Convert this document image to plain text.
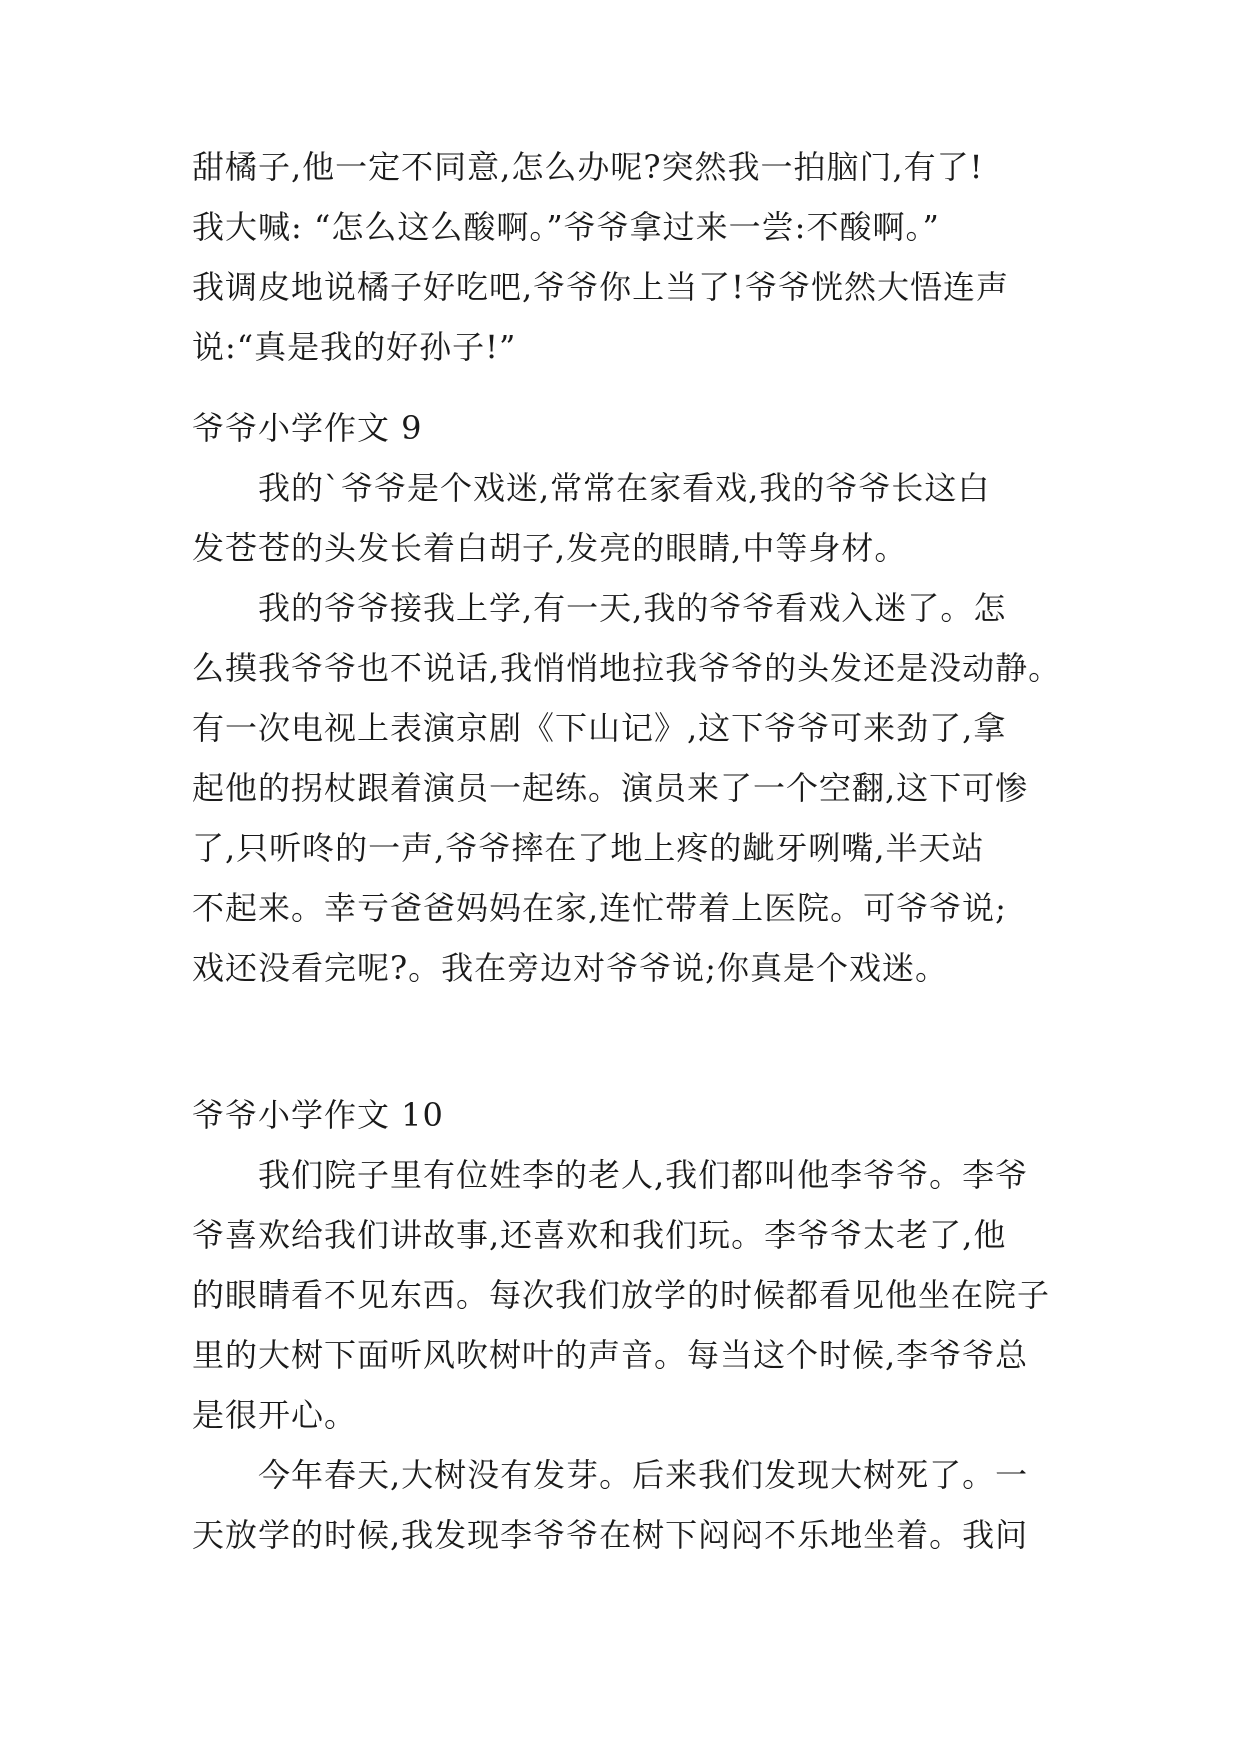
甜橘子,他一定不同意,怎么办呢?突然我一拍脑门,有了!
我大喊: “怎么这么酸啊。”爷爷拿过来一尝:不酸啊。”
我调皮地说橘子好吃吧,爷爷你上当了!爷爷恍然大悟连声
说:“真是我的好孙子!”
爷爷小学作文 9
我的`爷爷是个戏迷,常常在家看戏,我的爷爷长这白
发苍苍的头发长着白胡子,发亮的眼睛,中等身材。
我的爷爷接我上学,有一天,我的爷爷看戏入迷了。怎
么摸我爷爷也不说话,我悄悄地拉我爷爷的头发还是没动静。
有一次电视上表演京剧《下山记》,这下爷爷可来劲了,拿
起他的拐杖跟着演员一起练。演员来了一个空翻,这下可惨
了,只听咚的一声,爷爷摔在了地上疼的龇牙咧嘴,半天站
不起来。幸亏爸爸妈妈在家,连忙带着上医院。可爷爷说;
戏还没看完呢?。我在旁边对爷爷说;你真是个戏迷。
爷爷小学作文 10
我们院子里有位姓李的老人,我们都叫他李爷爷。李爷
爷喜欢给我们讲故事,还喜欢和我们玩。李爷爷太老了,他
的眼睛看不见东西。每次我们放学的时候都看见他坐在院子
里的大树下面听风吹树叶的声音。每当这个时候,李爷爷总
是很开心。
今年春天,大树没有发芽。后来我们发现大树死了。一
天放学的时候,我发现李爷爷在树下闷闷不乐地坐着。我问
